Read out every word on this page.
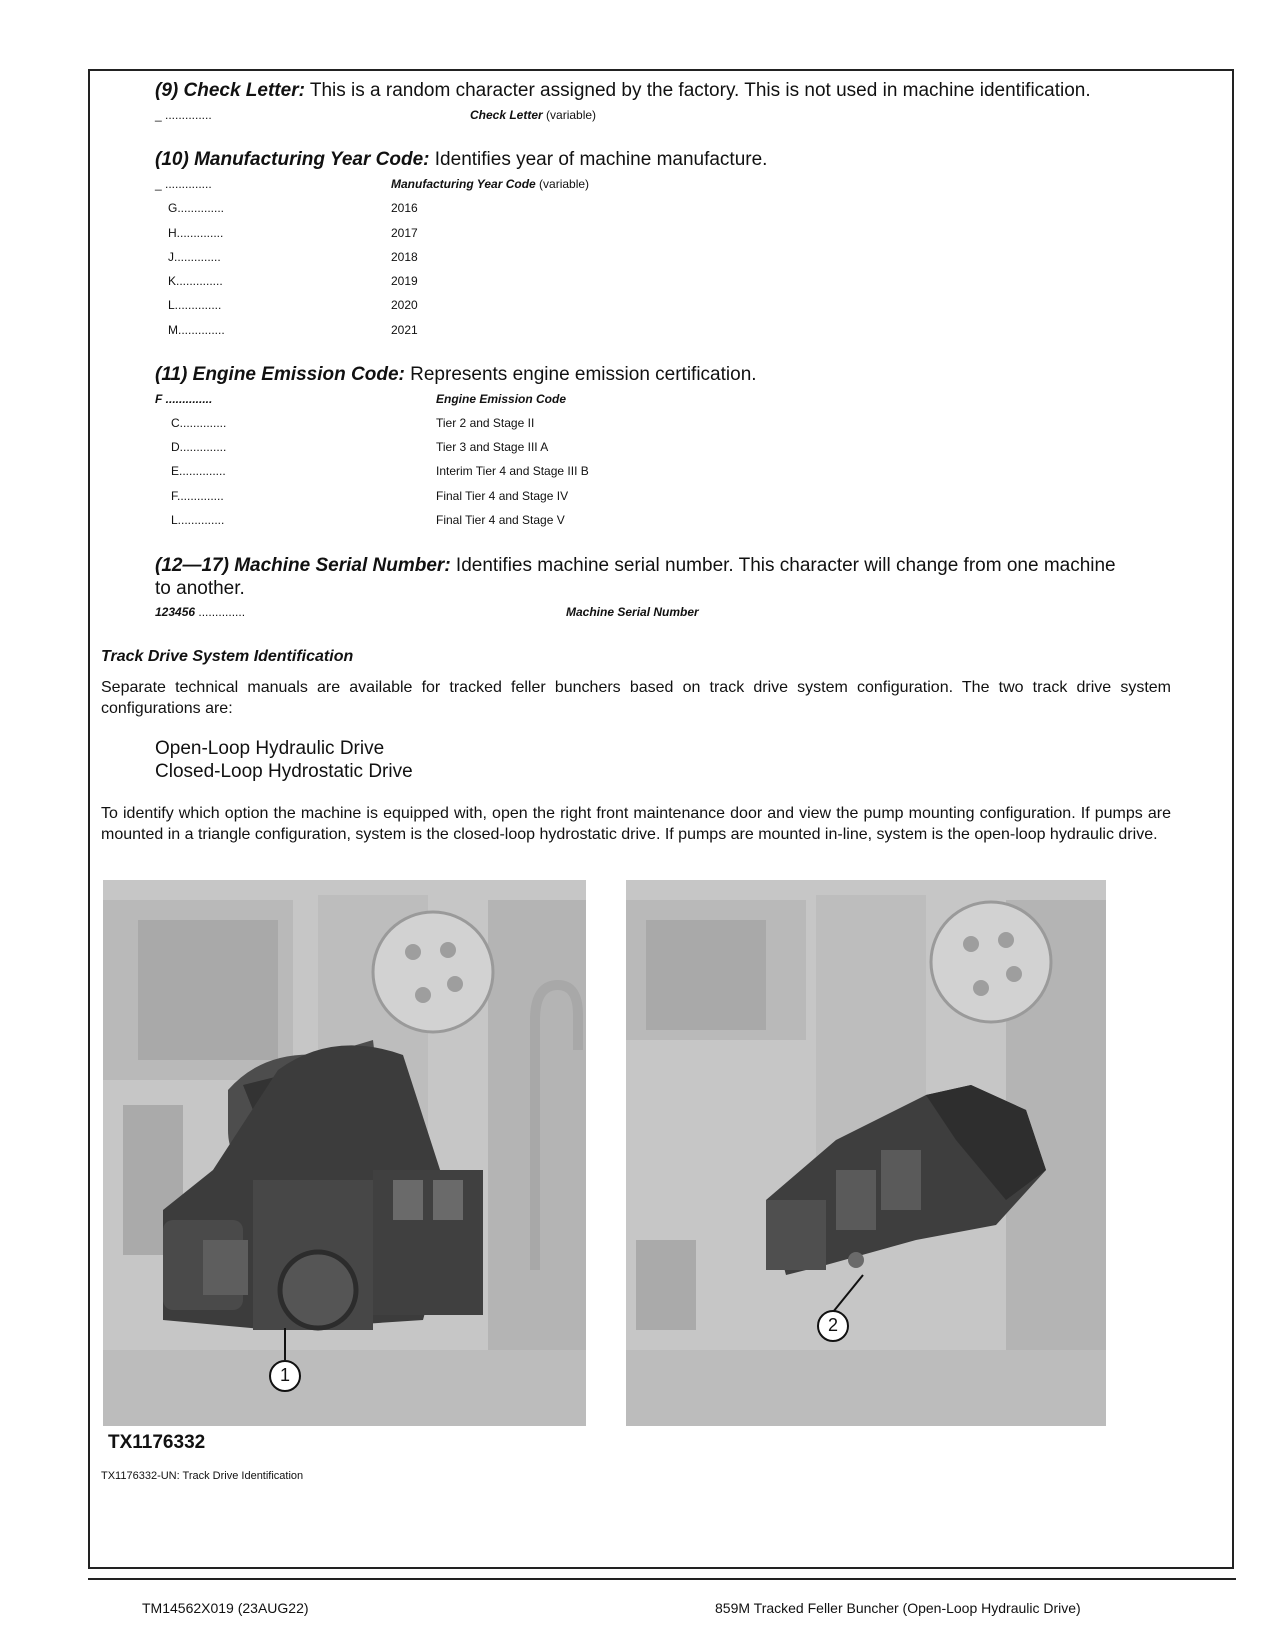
(9) Check Letter: This is a random character assigned by the factory. This is not used in machine identification.
_ ..............	Check Letter (variable)
(10) Manufacturing Year Code: Identifies year of machine manufacture.
_ ..............	Manufacturing Year Code (variable)
G..............	2016
H..............	2017
J..............	2018
K..............	2019
L..............	2020
M..............	2021
(11) Engine Emission Code: Represents engine emission certification.
F ..............	Engine Emission Code
C..............	Tier 2 and Stage II
D..............	Tier 3 and Stage III A
E..............	Interim Tier 4 and Stage III B
F..............	Final Tier 4 and Stage IV
L..............	Final Tier 4 and Stage V
(12—17) Machine Serial Number: Identifies machine serial number. This character will change from one machine
to another.
123456 ..............	Machine Serial Number
Track Drive System Identification
Separate technical manuals are available for tracked feller bunchers based on track drive system configuration. The two track drive system configurations are:
Open-Loop Hydraulic Drive
Closed-Loop Hydrostatic Drive
To identify which option the machine is equipped with, open the right front maintenance door and view the pump mounting configuration. If pumps are mounted in a triangle configuration, system is the closed-loop hydrostatic drive. If pumps are mounted in-line, system is the open-loop hydraulic drive.
1
2
TX1176332
TX1176332-UN: Track Drive Identification
TM14562X019 (23AUG22)	859M Tracked Feller Buncher (Open-Loop Hydraulic Drive)
